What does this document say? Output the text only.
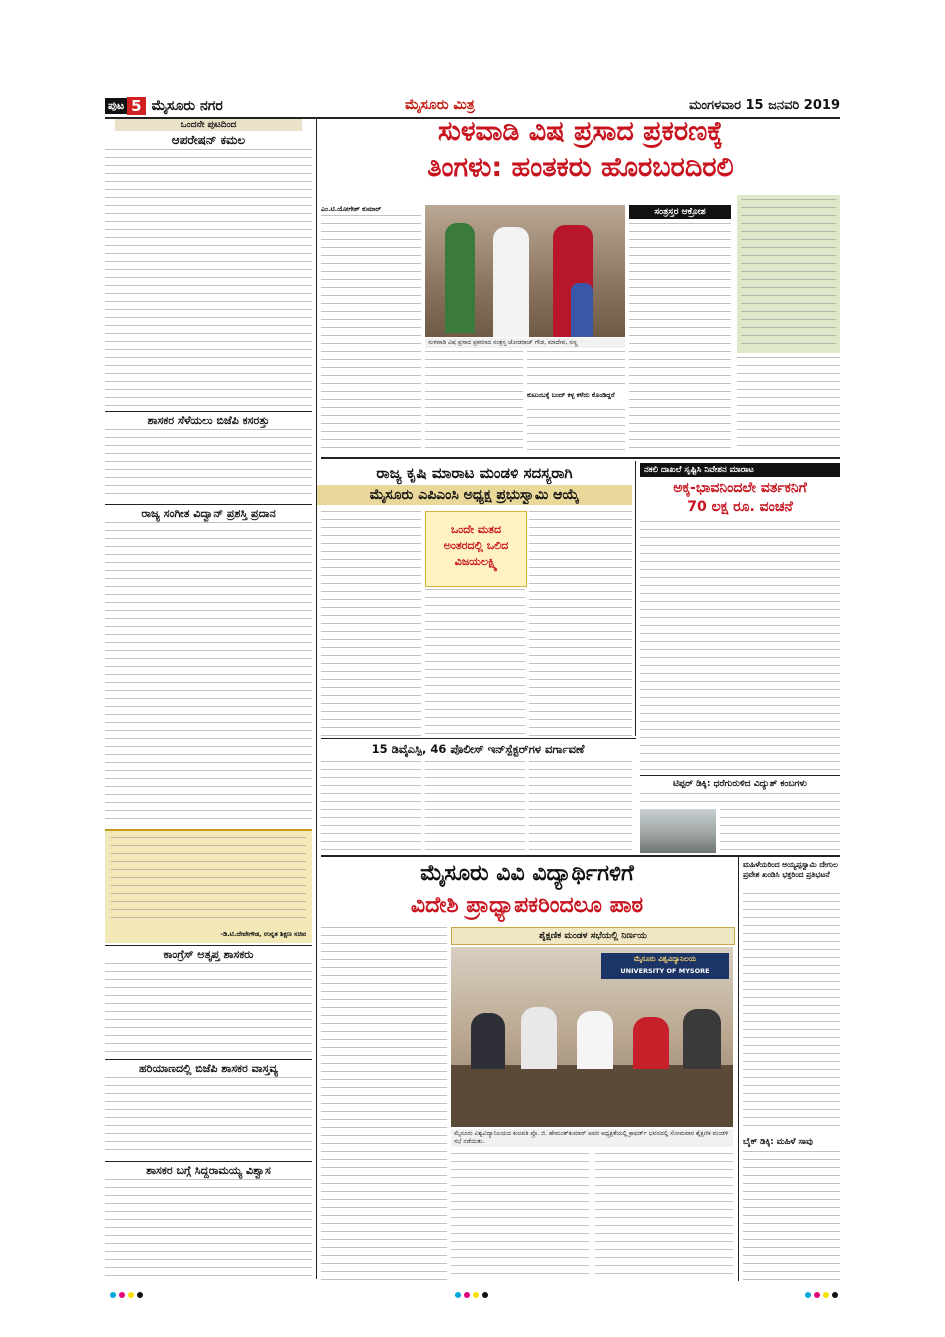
ಪುಟ 5 ಮೈಸೂರು ನಗರ	ಮೈಸೂರು ಮಿತ್ರ	ಮಂಗಳವಾರ 15 ಜನವರಿ 2019
ಒಂದನೇ ಪುಟದಿಂದ
ಆಪರೇಷನ್ ಕಮಲ
ಶಾಸಕರ ಸೆಳೆಯಲು ಬಿಜೆಪಿ ಕಸರತ್ತು
ರಾಜ್ಯ ಸಂಗೀತ ವಿದ್ವಾನ್ ಪ್ರಶಸ್ತಿ ಪ್ರದಾನ
-ಡಿ.ಟಿ.ದೇವೇಗೌಡ, ಉನ್ನತ ಶಿಕ್ಷಣ ಸಚಿವ
ಕಾಂಗ್ರೆಸ್ ಅತೃಪ್ತ ಶಾಸಕರು
ಹರಿಯಾಣದಲ್ಲಿ ಬಿಜೆಪಿ ಶಾಸಕರ ವಾಸ್ತವ್ಯ
ಶಾಸಕರ ಬಗ್ಗೆ ಸಿದ್ದರಾಮಯ್ಯ ವಿಶ್ವಾಸ
ಸುಳವಾಡಿ ವಿಷ ಪ್ರಸಾದ ಪ್ರಕರಣಕ್ಕೆ
ತಿಂಗಳು: ಹಂತಕರು ಹೊರಬರದಿರಲಿ
ಎಂ.ಟಿ.ಯೋಗೇಶ್ ಕುಮಾರ್
ಸುಳವಾಡಿ ವಿಷ ಪ್ರಸಾದ ಪ್ರಕರಣದ ಸಂತ್ರಸ್ತ ಜೋಡರಾಜ್ ಗೌಡ, ಮಾದೇವ, ಸಣ್ಣ
ಸಂತ್ರಸ್ತರ ಆಕ್ರೋಶ
ಕುಟುಂಬಕ್ಕೆ ಬಂದ್ ಕಳ್ಳ ಕಳೆದು ಕೊಂಡಿದ್ದರೆ
ರಾಜ್ಯ ಕೃಷಿ ಮಾರಾಟ ಮಂಡಳಿ ಸದಸ್ಯರಾಗಿ
ಮೈಸೂರು ಎಪಿಎಂಸಿ ಅಧ್ಯಕ್ಷ ಪ್ರಭುಸ್ವಾಮಿ ಆಯ್ಕೆ
ಒಂದೇ ಮತದ ಅಂತರದಲ್ಲಿ ಒಲಿದ ವಿಜಯಲಕ್ಷ್ಮಿ
ನಕಲಿ ದಾಖಲೆ ಸೃಷ್ಟಿಸಿ ನಿವೇಶನ ಮಾರಾಟ
ಅಕ್ಕ-ಭಾವನಿಂದಲೇ ವರ್ತಕನಿಗೆ
70 ಲಕ್ಷ ರೂ. ವಂಚನೆ
15 ಡಿವೈಎಸ್ಪಿ, 46 ಪೊಲೀಸ್ ಇನ್‌ಸ್ಪೆಕ್ಟರ್‌ಗಳ ವರ್ಗಾವಣೆ
ಟಿಪ್ಪರ್ ಡಿಕ್ಕಿ: ಧರೆಗುರುಳಿದ ವಿದ್ಯುತ್ ಕಂಬಗಳು
ಮೈಸೂರು ವಿವಿ ವಿದ್ಯಾರ್ಥಿಗಳಿಗೆ
ವಿದೇಶಿ ಪ್ರಾಧ್ಯಾಪಕರಿಂದಲೂ ಪಾಠ
ಶೈಕ್ಷಣಿಕ ಮಂಡಳ ಸಭೆಯಲ್ಲಿ ನಿರ್ಣಯ
ಮೈಸೂರು ವಿಶ್ವವಿದ್ಯಾನಿಲಯ
UNIVERSITY OF MYSORE
ಮೈಸೂರು ವಿಶ್ವವಿದ್ಯಾನಿಲಯದ ಕುಲಪತಿ ಪ್ರೊ. ಜಿ. ಹೇಮಂತ್‌ಕುಮಾರ್ ಅವರ ಅಧ್ಯಕ್ಷತೆಯಲ್ಲಿ ಕ್ರಾಫರ್ಡ್ ಭವನದಲ್ಲಿ ಸೋಮವಾರ ಶೈಕ್ಷಣಿಕ ಮಂಡಳಿ ಸಭೆ ನಡೆಯಿತು.
ಮಹಿಳೆಯರಿಂದ ಅಯ್ಯಪ್ಪಸ್ವಾಮಿ ದೇಗುಲ ಪ್ರವೇಶ ಖಂಡಿಸಿ ಭಕ್ತರಿಂದ ಪ್ರತಿಭಟನೆ
ಬೈಕ್ ಡಿಕ್ಕಿ: ಮಹಿಳೆ ಸಾವು
